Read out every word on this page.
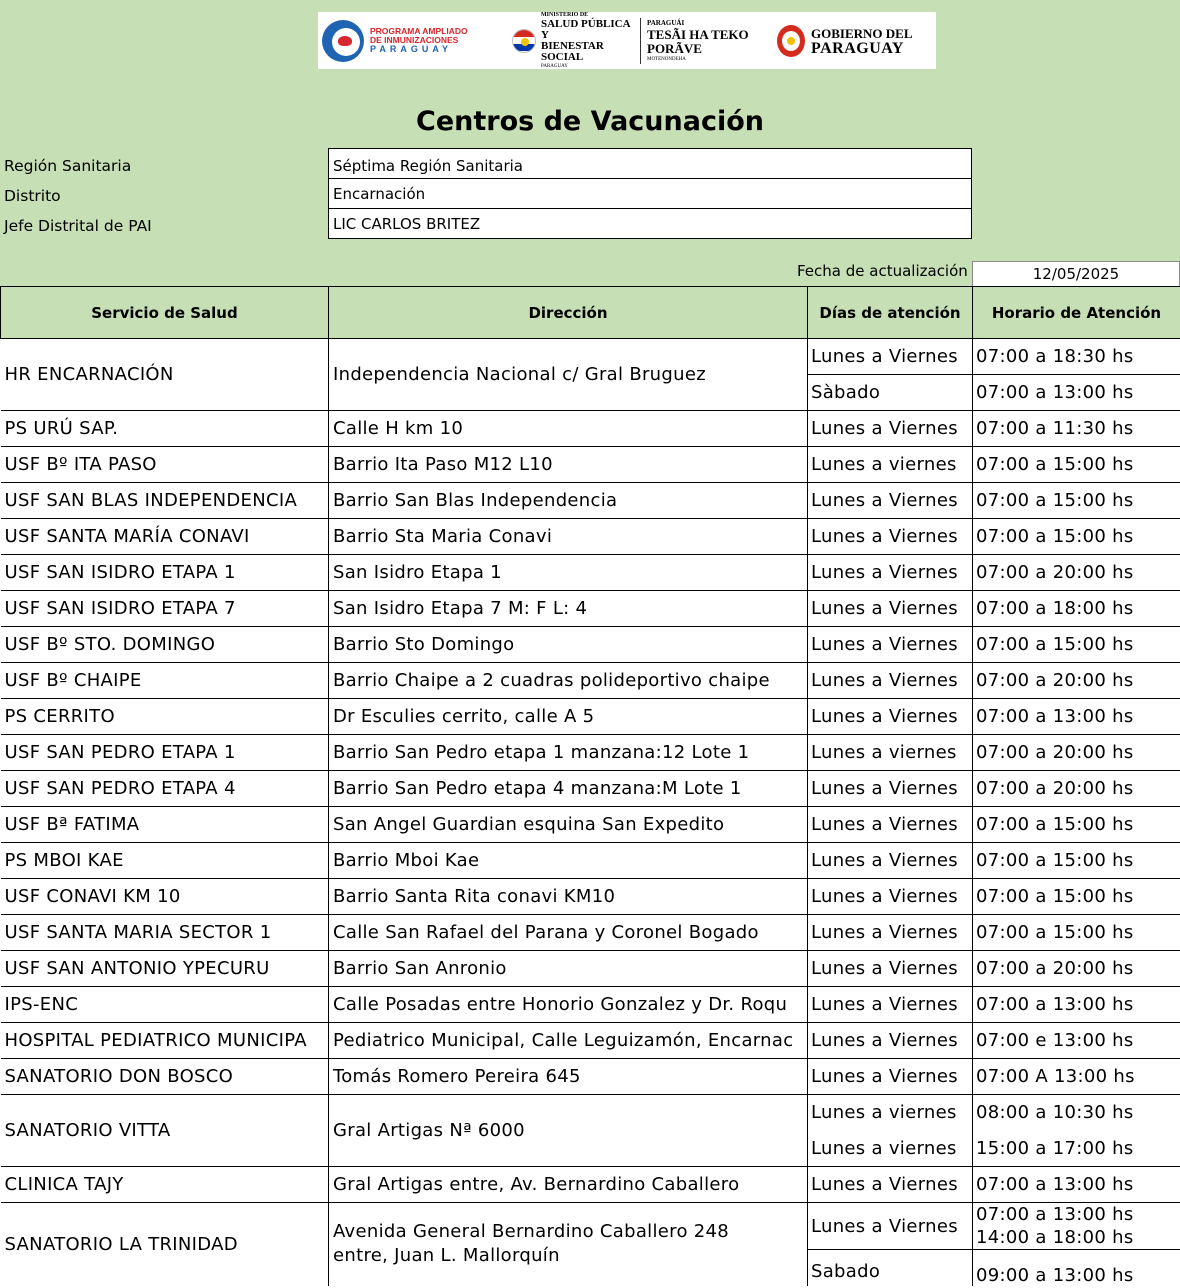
PROGRAMA AMPLIADO
DE INMUNIZACIONES
PARAGUAY
MINISTERIO DE
SALUD PÚBLICA Y
BIENESTAR SOCIAL
PARAGUAY
PARAGUÁI
TESÃI HA TEKO
PORÃVE
MOTENONDEHA
GOBIERNO DEL
PARAGUAY
Centros de Vacunación
Región Sanitaria	Séptima Región Sanitaria
Distrito	Encarnación
Jefe Distrital de PAI	LIC CARLOS BRITEZ
Fecha de actualización	12/05/2025
Servicio de Salud	Dirección	Días de atención	Horario de Atención
HR ENCARNACIÓN	Independencia Nacional c/ Gral Bruguez	Lunes a Viernes	07:00 a 18:30 hs
		Sàbado	07:00 a 13:00 hs
PS URÚ SAP.	Calle H km 10	Lunes a Viernes	07:00 a 11:30 hs
USF Bº ITA PASO	Barrio Ita Paso M12 L10	Lunes a viernes	07:00 a 15:00 hs
USF SAN BLAS INDEPENDENCIA	Barrio San Blas Independencia	Lunes a Viernes	07:00 a 15:00 hs
USF SANTA MARÍA CONAVI	Barrio Sta Maria Conavi	Lunes a Viernes	07:00 a 15:00 hs
USF SAN ISIDRO ETAPA 1	San Isidro Etapa 1	Lunes a Viernes	07:00 a 20:00 hs
USF SAN ISIDRO ETAPA 7	San Isidro Etapa 7 M: F L: 4	Lunes a Viernes	07:00 a 18:00 hs
USF Bº STO. DOMINGO	Barrio Sto Domingo	Lunes a Viernes	07:00 a 15:00 hs
USF Bº CHAIPE	Barrio Chaipe a 2 cuadras polideportivo chaipe	Lunes a Viernes	07:00 a 20:00 hs
PS CERRITO	Dr Esculies cerrito, calle A 5	Lunes a Viernes	07:00 a 13:00 hs
USF SAN PEDRO ETAPA 1	Barrio San Pedro etapa 1 manzana:12 Lote 1	Lunes a viernes	07:00 a 20:00 hs
USF SAN PEDRO ETAPA 4	Barrio San Pedro etapa 4 manzana:M Lote 1	Lunes a Viernes	07:00 a 20:00 hs
USF Bª FATIMA	San Angel Guardian esquina San Expedito	Lunes a Viernes	07:00 a 15:00 hs
PS MBOI KAE	Barrio Mboi Kae	Lunes a Viernes	07:00 a 15:00 hs
USF CONAVI KM 10	Barrio Santa Rita conavi KM10	Lunes a Viernes	07:00 a 15:00 hs
USF SANTA MARIA SECTOR 1	Calle San Rafael del Parana y Coronel Bogado	Lunes a Viernes	07:00 a 15:00 hs
USF SAN ANTONIO YPECURU	Barrio San Anronio	Lunes a Viernes	07:00 a 20:00 hs
IPS-ENC	Calle Posadas entre Honorio Gonzalez y Dr. Roqu	Lunes a Viernes	07:00 a 13:00 hs
HOSPITAL PEDIATRICO MUNICIPA	Pediatrico Municipal, Calle Leguizamón, Encarnac	Lunes a Viernes	07:00 e 13:00 hs
SANATORIO DON BOSCO	Tomás Romero Pereira 645	Lunes a Viernes	07:00 A 13:00 hs
SANATORIO VITTA	Gral Artigas Nª 6000	Lunes a viernes	08:00 a 10:30 hs
		Lunes a viernes	15:00 a 17:00 hs
CLINICA TAJY	Gral Artigas entre, Av. Bernardino Caballero	Lunes a Viernes	07:00 a 13:00 hs
SANATORIO LA TRINIDAD	Avenida General Bernardino Caballero 248
entre, Juan L. Mallorquín	Lunes a Viernes	07:00 a 13:00 hs
14:00 a 18:00 hs

		Sabado	09:00 a 13:00 hs
